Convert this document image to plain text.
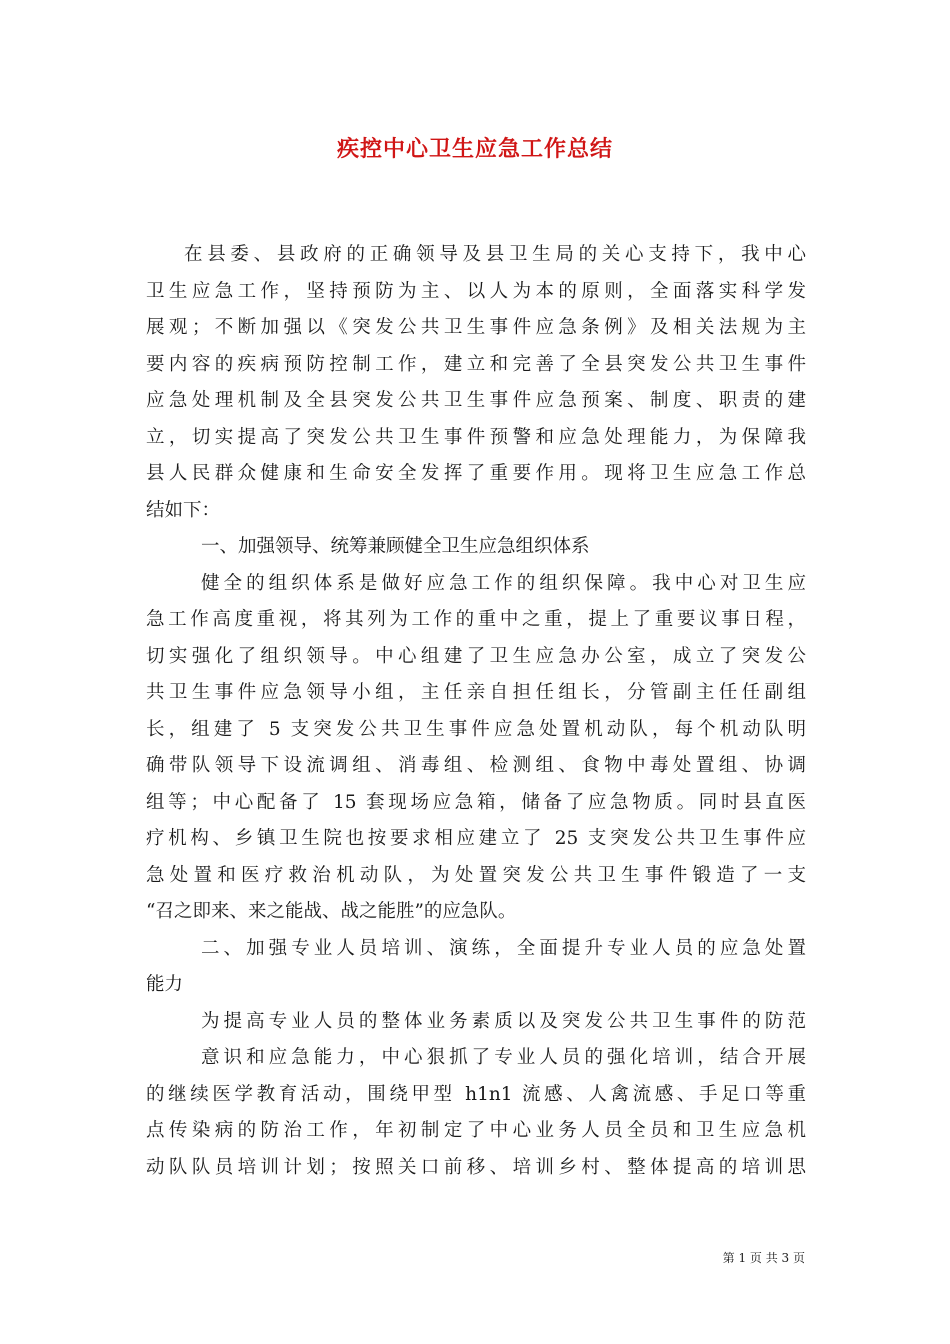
疾控中心卫生应急工作总结
在县委、县政府的正确领导及县卫生局的关心支持下，我中心
卫生应急工作，坚持预防为主、以人为本的原则，全面落实科学发
展观；不断加强以《突发公共卫生事件应急条例》及相关法规为主
要内容的疾病预防控制工作，建立和完善了全县突发公共卫生事件
应急处理机制及全县突发公共卫生事件应急预案、制度、职责的建
立，切实提高了突发公共卫生事件预警和应急处理能力，为保障我
县人民群众健康和生命安全发挥了重要作用。现将卫生应急工作总
结如下：
一、加强领导、统筹兼顾健全卫生应急组织体系
健全的组织体系是做好应急工作的组织保障。我中心对卫生应
急工作高度重视，将其列为工作的重中之重，提上了重要议事日程，
切实强化了组织领导。中心组建了卫生应急办公室，成立了突发公
共卫生事件应急领导小组，主任亲自担任组长，分管副主任任副组
长，组建了 5 支突发公共卫生事件应急处置机动队，每个机动队明
确带队领导下设流调组、消毒组、检测组、食物中毒处置组、协调
组等；中心配备了 15 套现场应急箱，储备了应急物质。同时县直医
疗机构、乡镇卫生院也按要求相应建立了 25 支突发公共卫生事件应
急处置和医疗救治机动队，为处置突发公共卫生事件锻造了一支
“召之即来、来之能战、战之能胜”的应急队。
二、加强专业人员培训、演练，全面提升专业人员的应急处置
能力
为提高专业人员的整体业务素质以及突发公共卫生事件的防范
意识和应急能力，中心狠抓了专业人员的强化培训，结合开展
的继续医学教育活动，围绕甲型 h1n1 流感、人禽流感、手足口等重
点传染病的防治工作，年初制定了中心业务人员全员和卫生应急机
动队队员培训计划；按照关口前移、培训乡村、整体提高的培训思
第 1 页 共 3 页
